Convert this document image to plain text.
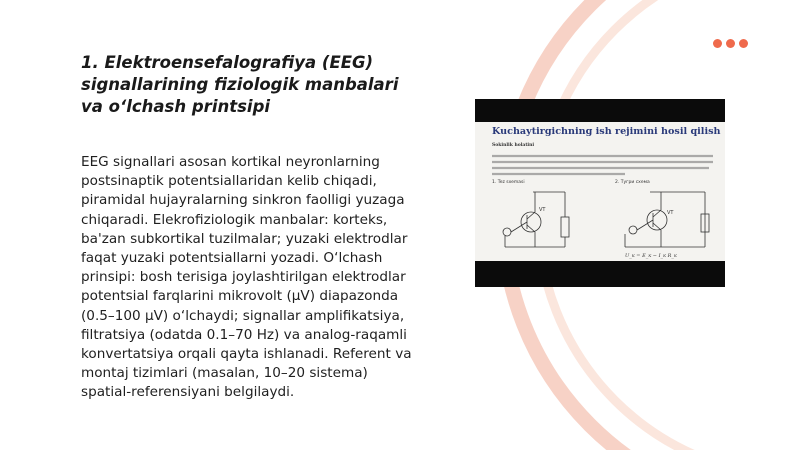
1. Elektroensefalografiya (EEG) signallarining fiziologik manbalari va o‘lchash printsipi

EEG signallari asosan kortikal neyronlarning postsinaptik potentsiallaridan kelib chiqadi, piramidal hujayralarning sinkron faolligi yuzaga chiqaradi. Elekrofiziologik manbalar: korteks, ba'zan subkortikal tuzilmalar; yuzaki elektrodlar faqat yuzaki potentsiallarni yozadi. O‘lchash prinsipi: bosh terisiga joylashtirilgan elektrodlar potentsial farqlarini mikrovolt (µV) diapazonda (0.5–100 µV) o‘lchaydi; signallar amplifikatsiya, filtratsiya (odatda 0.1–70 Hz) va analog-raqamli konvertatsiya orqali qayta ishlanadi. Referent va montaj tizimlari (masalan, 10–20 sistema) spatial-referensiyani belgilaydi.

Kuchaytirgichning ish rejimini hosil qilish
Sokinlik holatini
1. Tez sxemasi	2. Тугри схема
VT	VT
U_к = E_к − I_к R_к
